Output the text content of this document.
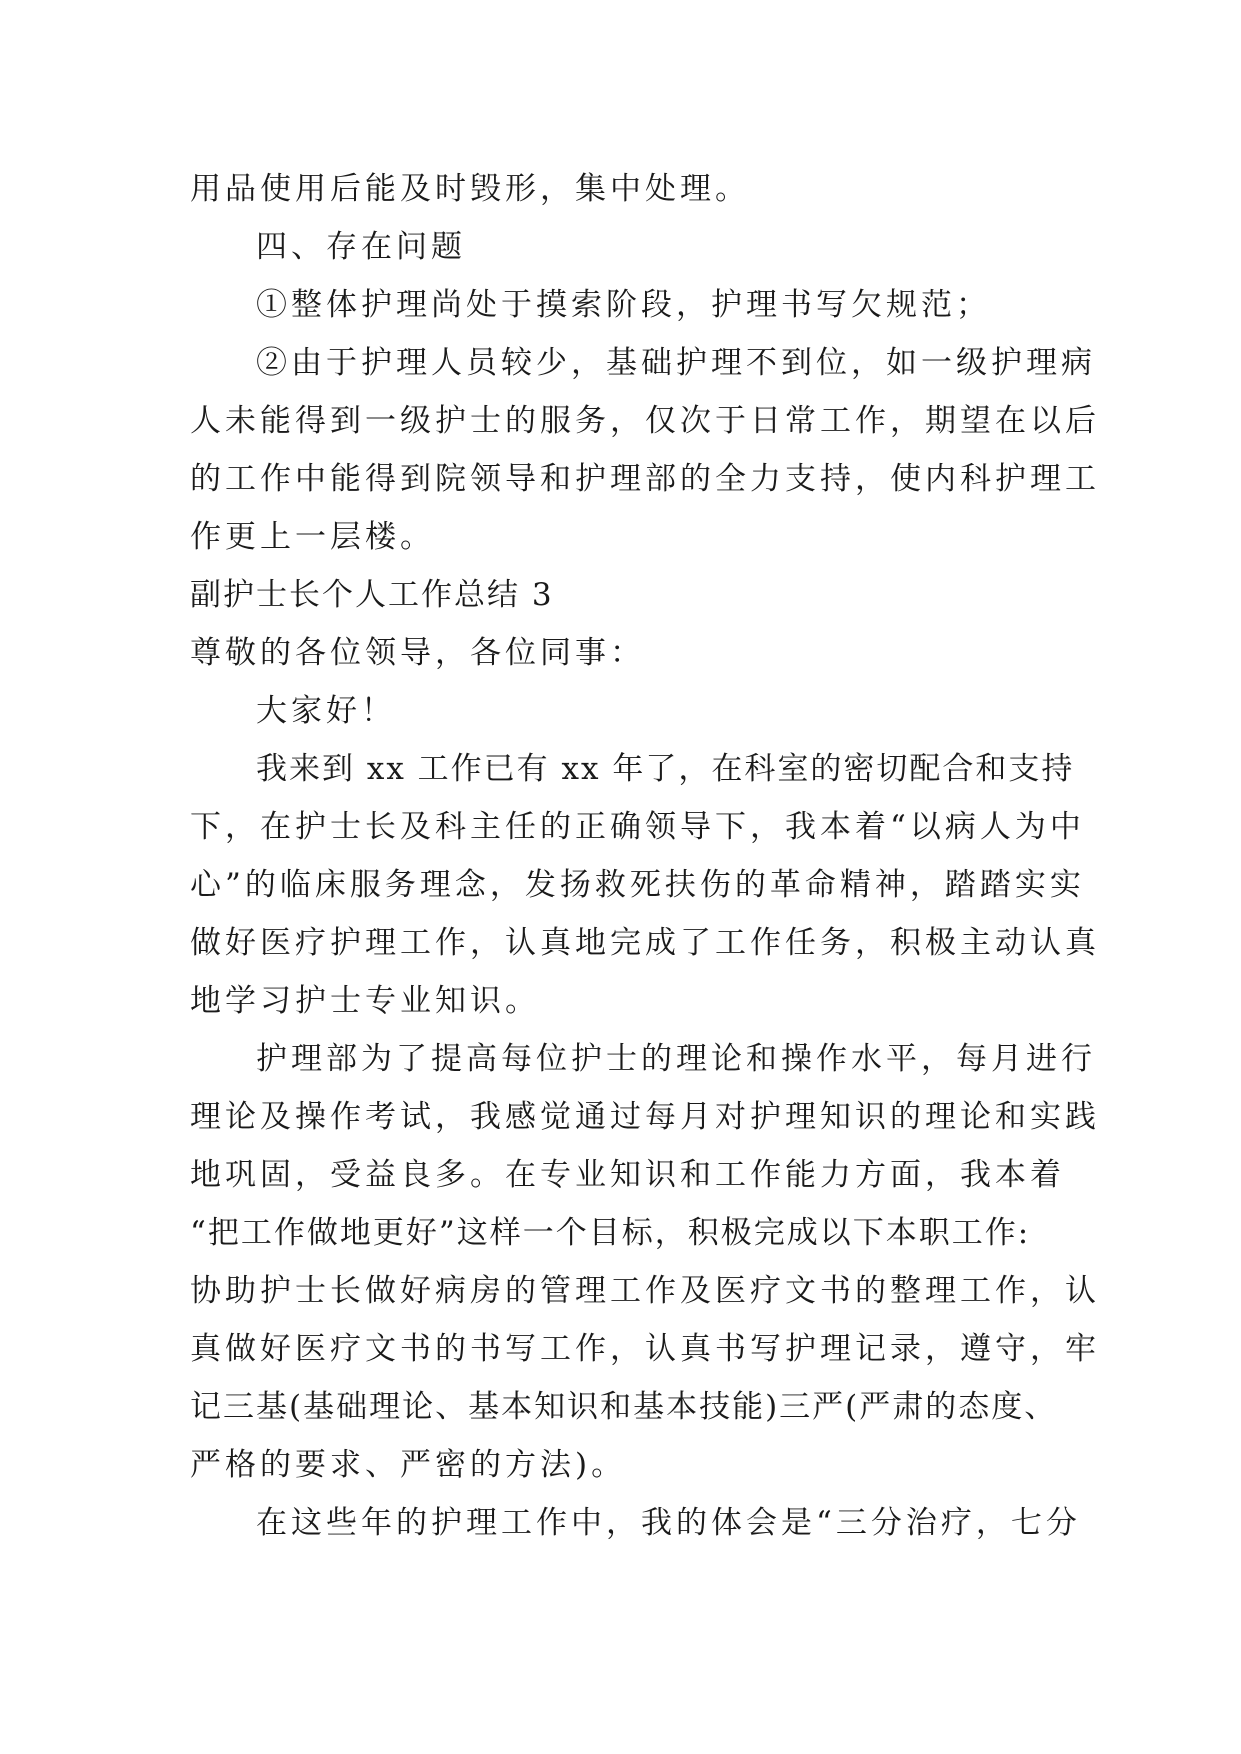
用品使用后能及时毁形，集中处理。
四、存在问题
①整体护理尚处于摸索阶段，护理书写欠规范；
②由于护理人员较少，基础护理不到位，如一级护理病
人未能得到一级护士的服务，仅次于日常工作，期望在以后
的工作中能得到院领导和护理部的全力支持，使内科护理工
作更上一层楼。
副护士长个人工作总结 3
尊敬的各位领导，各位同事：
大家好！
我来到 xx 工作已有 xx 年了，在科室的密切配合和支持
下，在护士长及科主任的正确领导下，我本着“以病人为中
心”的临床服务理念，发扬救死扶伤的革命精神，踏踏实实
做好医疗护理工作，认真地完成了工作任务，积极主动认真
地学习护士专业知识。
护理部为了提高每位护士的理论和操作水平，每月进行
理论及操作考试，我感觉通过每月对护理知识的理论和实践
地巩固，受益良多。在专业知识和工作能力方面，我本着
“把工作做地更好”这样一个目标，积极完成以下本职工作:
协助护士长做好病房的管理工作及医疗文书的整理工作，认
真做好医疗文书的书写工作，认真书写护理记录，遵守，牢
记三基(基础理论、基本知识和基本技能)三严(严肃的态度、
严格的要求、严密的方法)。
在这些年的护理工作中，我的体会是“三分治疗，七分
